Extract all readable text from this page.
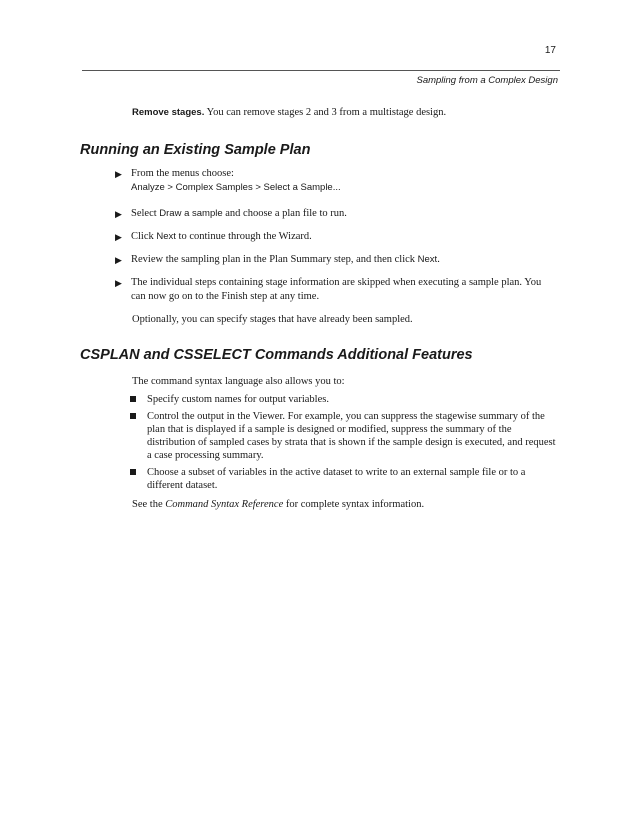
17
Sampling from a Complex Design

Remove stages. You can remove stages 2 and 3 from a multistage design.

Running an Existing Sample Plan
▶ From the menus choose:
Analyze > Complex Samples > Select a Sample...
▶ Select Draw a sample and choose a plan file to run.
▶ Click Next to continue through the Wizard.
▶ Review the sampling plan in the Plan Summary step, and then click Next.
▶ The individual steps containing stage information are skipped when executing a sample plan. You can now go on to the Finish step at any time.

Optionally, you can specify stages that have already been sampled.

CSPLAN and CSSELECT Commands Additional Features

The command syntax language also allows you to:

Specify custom names for output variables.
Control the output in the Viewer. For example, you can suppress the stagewise summary of the plan that is displayed if a sample is designed or modified, suppress the summary of the distribution of sampled cases by strata that is shown if the sample design is executed, and request a case processing summary.
Choose a subset of variables in the active dataset to write to an external sample file or to a different dataset.

See the Command Syntax Reference for complete syntax information.
